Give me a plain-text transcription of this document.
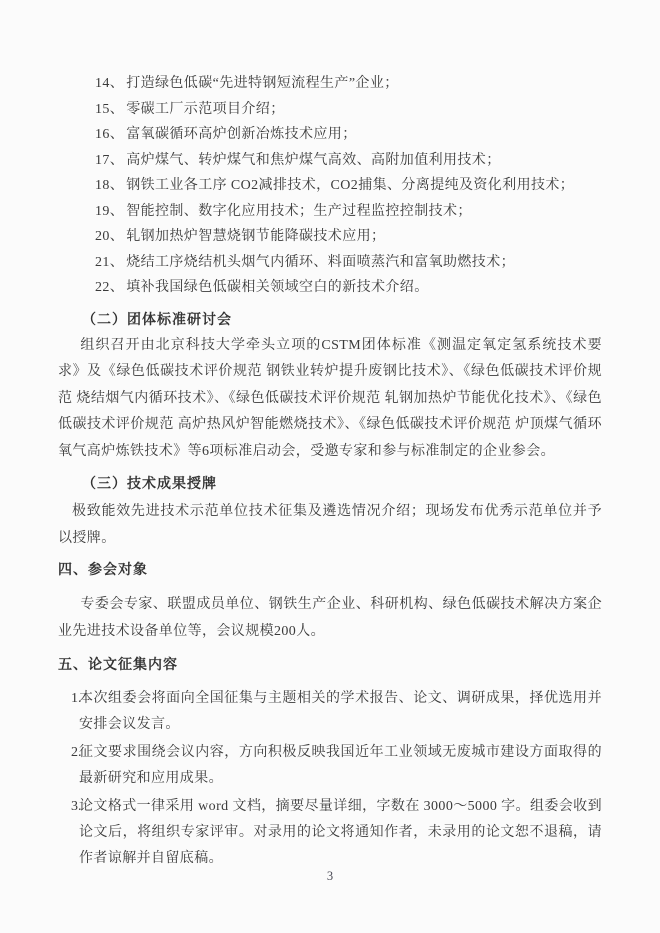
14、 打造绿色低碳“先进特钢短流程生产”企业；
15、 零碳工厂示范项目介绍；
16、 富氧碳循环高炉创新冶炼技术应用；
17、 高炉煤气、转炉煤气和焦炉煤气高效、高附加值利用技术；
18、 钢铁工业各工序 CO2减排技术，CO2捕集、分离提纯及资化利用技术；
19、 智能控制、数字化应用技术；生产过程监控控制技术；
20、 轧钢加热炉智慧烧钢节能降碳技术应用；
21、 烧结工序烧结机头烟气内循环、料面喷蒸汽和富氧助燃技术；
22、 填补我国绿色低碳相关领域空白的新技术介绍。
（二）团体标准研讨会

组织召开由北京科技大学牵头立项的CSTM团体标准《测温定氧定氢系统技术要求》及《绿色低碳技术评价规范 钢铁业转炉提升废钢比技术》、《绿色低碳技术评价规范 烧结烟气内循环技术》、《绿色低碳技术评价规范 轧钢加热炉节能优化技术》、《绿色低碳技术评价规范 高炉热风炉智能燃烧技术》、《绿色低碳技术评价规范 炉顶煤气循环氧气高炉炼铁技术》等6项标准启动会，受邀专家和参与标准制定的企业参会。

（三）技术成果授牌

极致能效先进技术示范单位技术征集及遴选情况介绍；现场发布优秀示范单位并予以授牌。

四、参会对象

专委会专家、联盟成员单位、钢铁生产企业、科研机构、绿色低碳技术解决方案企业先进技术设备单位等，会议规模200人。

五、论文征集内容
1.
本次组委会将面向全国征集与主题相关的学术报告、论文、调研成果，择优选用并安排会议发言。
2.
征文要求围绕会议内容，方向积极反映我国近年工业领域无废城市建设方面取得的最新研究和应用成果。
3.
论文格式一律采用 word 文档，摘要尽量详细，字数在 3000～5000 字。组委会收到论文后，将组织专家评审。对录用的论文将通知作者，未录用的论文恕不退稿，请作者谅解并自留底稿。
3
